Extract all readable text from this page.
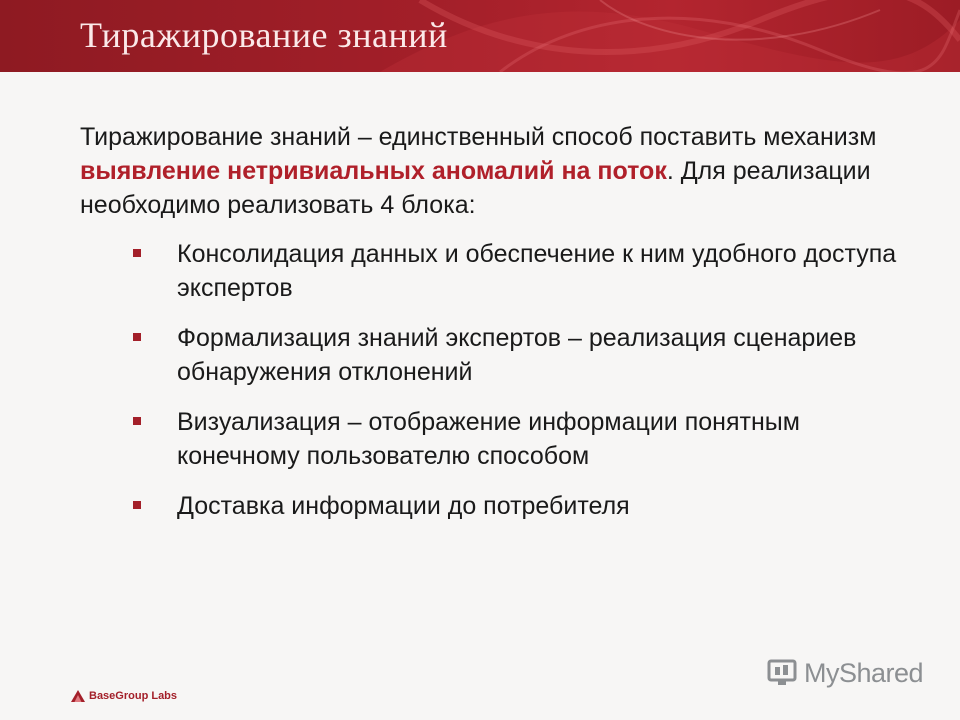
Тиражирование знаний

Тиражирование знаний – единственный способ поставить механизм выявление нетривиальных аномалий на поток. Для реализации необходимо реализовать 4 блока:

Консолидация данных и обеспечение к ним удобного доступа экспертов
Формализация знаний экспертов – реализация сценариев обнаружения отклонений
Визуализация – отображение информации понятным конечному пользователю способом
Доставка информации до потребителя
BaseGroup Labs
MyShared
